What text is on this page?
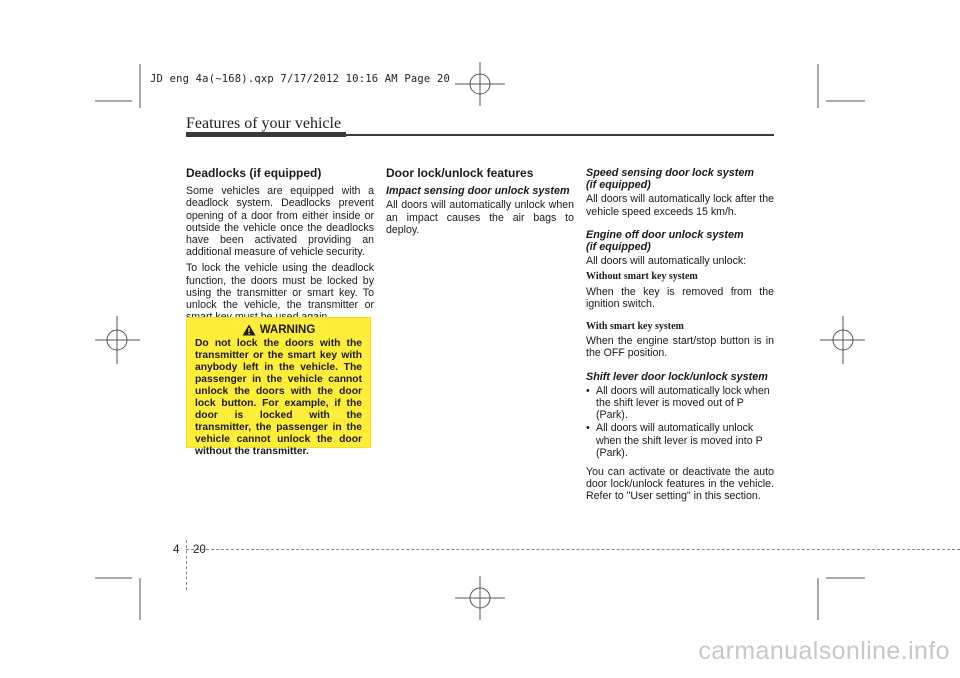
JD eng 4a(~168).qxp 7/17/2012 10:16 AM Page 20
Features of your vehicle
Deadlocks (if equipped)

Some vehicles are equipped with a deadlock system. Deadlocks prevent opening of a door from either inside or outside the vehicle once the deadlocks have been activated providing an additional measure of vehicle security.

To lock the vehicle using the deadlock function, the doors must be locked by using the transmitter or smart key. To unlock the vehicle, the transmitter or

WARNING
Do not lock the doors with the transmitter or the smart key with anybody left in the vehicle. The passenger in the vehicle cannot unlock the doors with the door lock button. For example, if the door is locked with the transmitter, the passenger in the vehicle cannot unlock the door without the transmitter.
Door lock/unlock features
Impact sensing door unlock system

All doors will automatically unlock when an impact causes the air bags to deploy.

Speed sensing door lock system
(if equipped)

All doors will automatically lock after the vehicle speed exceeds 15 km/h.

Engine off door unlock system
(if equipped)

All doors will automatically unlock:

Without smart key system

When the key is removed from the ignition switch.

With smart key system

When the engine start/stop button is in the OFF position.

Shift lever door lock/unlock system
• All doors will automatically lock when the shift lever is moved out of P (Park).
• All doors will automatically unlock when the shift lever is moved into P (Park).

You can activate or deactivate the auto door lock/unlock features in the vehicle. Refer to "User setting" in this section.

4 20
carmanualsonline.info
